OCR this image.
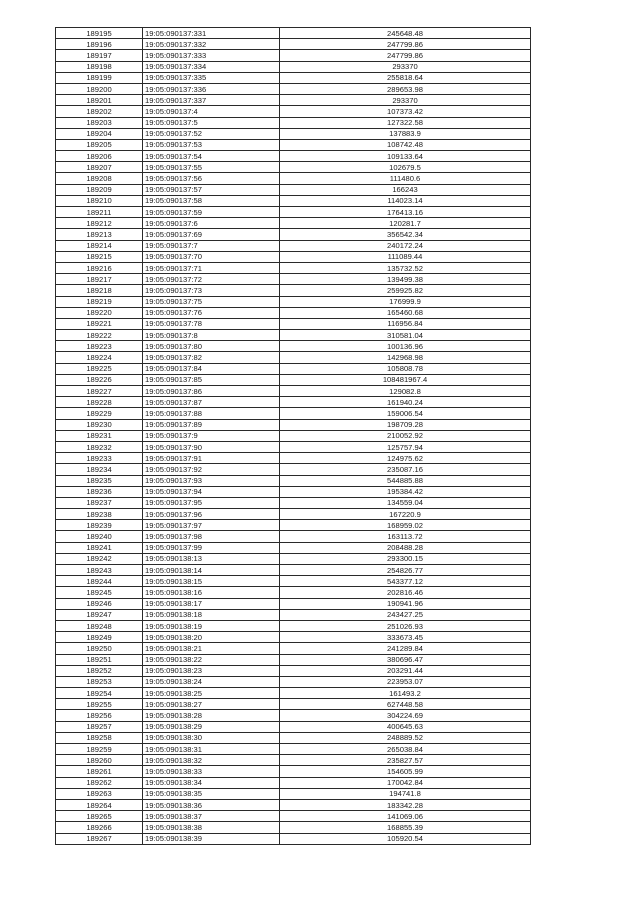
189195	19:05:090137:331	245648.48
189196	19:05:090137:332	247799.86
189197	19:05:090137:333	247799.86
189198	19:05:090137:334	293370
189199	19:05:090137:335	255818.64
189200	19:05:090137:336	289653.98
189201	19:05:090137:337	293370
189202	19:05:090137:4	107373.42
189203	19:05:090137:5	127322.58
189204	19:05:090137:52	137883.9
189205	19:05:090137:53	108742.48
189206	19:05:090137:54	109133.64
189207	19:05:090137:55	102679.5
189208	19:05:090137:56	111480.6
189209	19:05:090137:57	166243
189210	19:05:090137:58	114023.14
189211	19:05:090137:59	176413.16
189212	19:05:090137:6	120281.7
189213	19:05:090137:69	356542.34
189214	19:05:090137:7	240172.24
189215	19:05:090137:70	111089.44
189216	19:05:090137:71	135732.52
189217	19:05:090137:72	139499.38
189218	19:05:090137:73	259925.82
189219	19:05:090137:75	176999.9
189220	19:05:090137:76	165460.68
189221	19:05:090137:78	116956.84
189222	19:05:090137:8	310581.04
189223	19:05:090137:80	100136.96
189224	19:05:090137:82	142968.98
189225	19:05:090137:84	105808.78
189226	19:05:090137:85	108481967.4
189227	19:05:090137:86	129082.8
189228	19:05:090137:87	161940.24
189229	19:05:090137:88	159006.54
189230	19:05:090137:89	198709.28
189231	19:05:090137:9	210052.92
189232	19:05:090137:90	125757.94
189233	19:05:090137:91	124975.62
189234	19:05:090137:92	235087.16
189235	19:05:090137:93	544885.88
189236	19:05:090137:94	195384.42
189237	19:05:090137:95	134559.04
189238	19:05:090137:96	167220.9
189239	19:05:090137:97	168959.02
189240	19:05:090137:98	163113.72
189241	19:05:090137:99	208488.28
189242	19:05:090138:13	293300.15
189243	19:05:090138:14	254826.77
189244	19:05:090138:15	543377.12
189245	19:05:090138:16	202816.46
189246	19:05:090138:17	190941.96
189247	19:05:090138:18	243427.25
189248	19:05:090138:19	251026.93
189249	19:05:090138:20	333673.45
189250	19:05:090138:21	241289.84
189251	19:05:090138:22	380696.47
189252	19:05:090138:23	203291.44
189253	19:05:090138:24	223953.07
189254	19:05:090138:25	161493.2
189255	19:05:090138:27	627448.58
189256	19:05:090138:28	304224.69
189257	19:05:090138:29	400645.63
189258	19:05:090138:30	248889.52
189259	19:05:090138:31	265038.84
189260	19:05:090138:32	235827.57
189261	19:05:090138:33	154605.99
189262	19:05:090138:34	170042.84
189263	19:05:090138:35	194741.8
189264	19:05:090138:36	183342.28
189265	19:05:090138:37	141069.06
189266	19:05:090138:38	168855.39
189267	19:05:090138:39	105920.54
